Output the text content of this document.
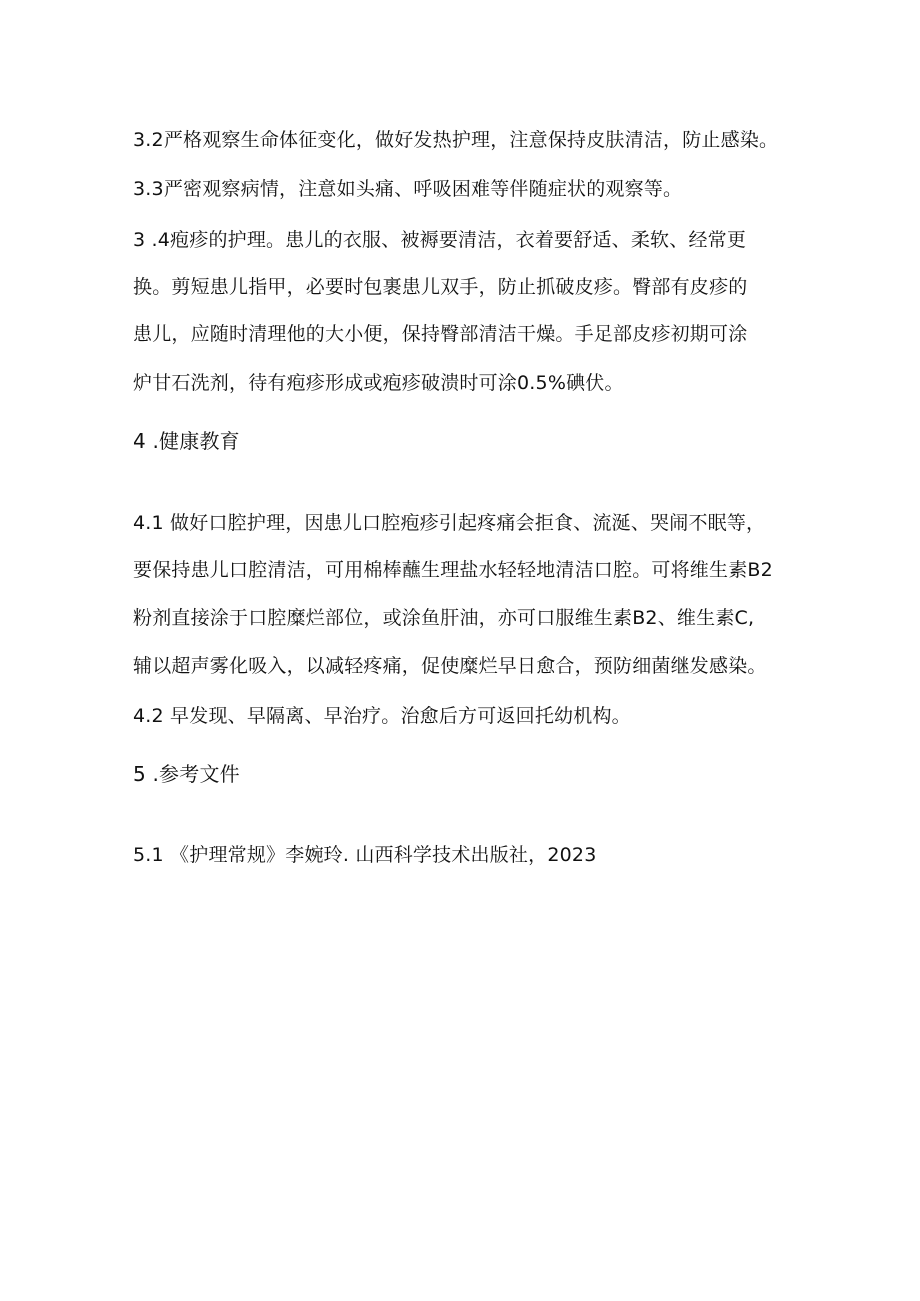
3.2严格观察生命体征变化，做好发热护理，注意保持皮肤清洁，防止感染。
3.3严密观察病情，注意如头痛、呼吸困难等伴随症状的观察等。
3 .4疱疹的护理。患儿的衣服、被褥要清洁，衣着要舒适、柔软、经常更
换。剪短患儿指甲，必要时包裹患儿双手，防止抓破皮疹。臀部有皮疹的
患儿，应随时清理他的大小便，保持臀部清洁干燥。手足部皮疹初期可涂
炉甘石洗剂，待有疱疹形成或疱疹破溃时可涂0.5%碘伏。
4 .健康教育
4.1 做好口腔护理，因患儿口腔疱疹引起疼痛会拒食、流涎、哭闹不眠等，
要保持患儿口腔清洁，可用棉棒蘸生理盐水轻轻地清洁口腔。可将维生素B2
粉剂直接涂于口腔糜烂部位，或涂鱼肝油，亦可口服维生素B2、维生素C,
辅以超声雾化吸入，以减轻疼痛，促使糜烂早日愈合，预防细菌继发感染。
4.2 早发现、早隔离、早治疗。治愈后方可返回托幼机构。
5 .参考文件
5.1 《护理常规》李婉玲. 山西科学技术出版社，2023
